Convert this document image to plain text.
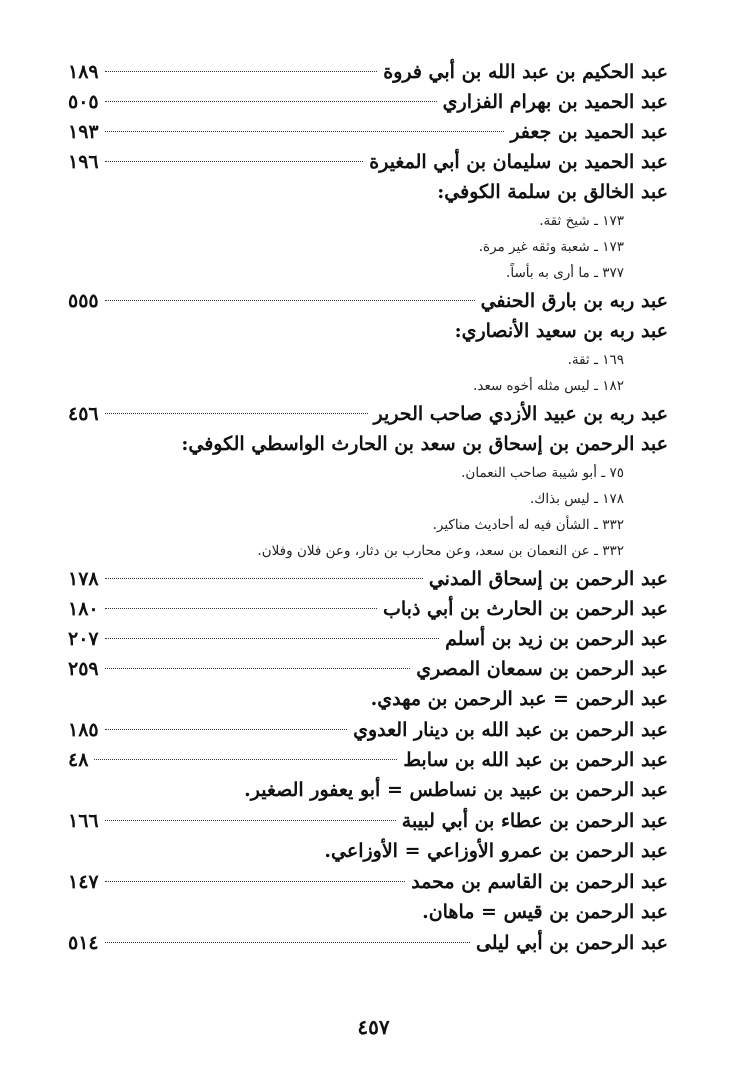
عبد الحكيم بن عبد الله بن أبي فروة
١٨٩
عبد الحميد بن بهرام الفزاري
٥٠٥
عبد الحميد بن جعفر
١٩٣
عبد الحميد بن سليمان بن أبي المغيرة
١٩٦
عبد الخالق بن سلمة الكوفي:
١٧٣ ـ شيخ ثقة.
١٧٣ ـ شعبة وثقه غير مرة.
٣٧٧ ـ ما أرى به بأساً.
عبد ربه بن بارق الحنفي
٥٥٥
عبد ربه بن سعيد الأنصاري:
١٦٩ ـ ثقة.
١٨٢ ـ ليس مثله أخوه سعد.
عبد ربه بن عبيد الأزدي صاحب الحرير
٤٥٦
عبد الرحمن بن إسحاق بن سعد بن الحارث الواسطي الكوفي:
٧٥ ـ أبو شيبة صاحب النعمان.
١٧٨ ـ ليس بذاك.
٣٣٢ ـ الشأن فيه له أحاديث مناكير.
٣٣٢ ـ عن النعمان بن سعد، وعن محارب بن دثار، وعن فلان وفلان.
عبد الرحمن بن إسحاق المدني
١٧٨
عبد الرحمن بن الحارث بن أبي ذباب
١٨٠
عبد الرحمن بن زيد بن أسلم
٢٠٧
عبد الرحمن بن سمعان المصري
٢٥٩
عبد الرحمن = عبد الرحمن بن مهدي.
عبد الرحمن بن عبد الله بن دينار العدوي
١٨٥
عبد الرحمن بن عبد الله بن سابط
٤٨
عبد الرحمن بن عبيد بن نساطس = أبو يعفور الصغير.
عبد الرحمن بن عطاء بن أبي لبيبة
١٦٦
عبد الرحمن بن عمرو الأوزاعي = الأوزاعي.
عبد الرحمن بن القاسم بن محمد
١٤٧
عبد الرحمن بن قيس = ماهان.
عبد الرحمن بن أبي ليلى
٥١٤
٤٥٧
